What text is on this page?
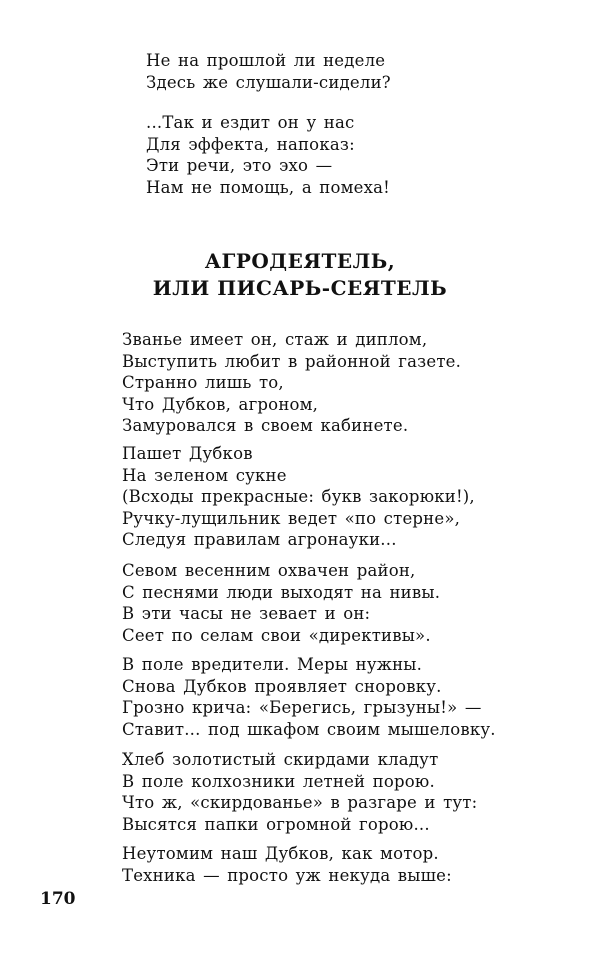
Не на прошлой ли неделе
Здесь же слушали-сидели?
...Так и ездит он у нас
Для эффекта, напоказ:
Эти речи, это эхо —
Нам не помощь, а помеха!
АГРОДЕЯТЕЛЬ,
ИЛИ ПИСАРЬ-СЕЯТЕЛЬ
Званье имеет он, стаж и диплом,
Выступить любит в районной газете.
Странно лишь то,
Что Дубков, агроном,
Замуровался в своем кабинете.
Пашет Дубков
На зеленом сукне
(Всходы прекрасные: букв закорюки!),
Ручку-лущильник ведет «по стерне»,
Следуя правилам агронауки...
Севом весенним охвачен район,
С песнями люди выходят на нивы.
В эти часы не зевает и он:
Сеет по селам свои «директивы».
В поле вредители. Меры нужны.
Снова Дубков проявляет сноровку.
Грозно крича: «Берегись, грызуны!» —
Ставит... под шкафом своим мышеловку.
Хлеб золотистый скирдами кладут
В поле колхозники летней порою.
Что ж, «скирдованье» в разгаре и тут:
Высятся папки огромной горою...
Неутомим наш Дубков, как мотор.
Техника — просто уж некуда выше:
170
